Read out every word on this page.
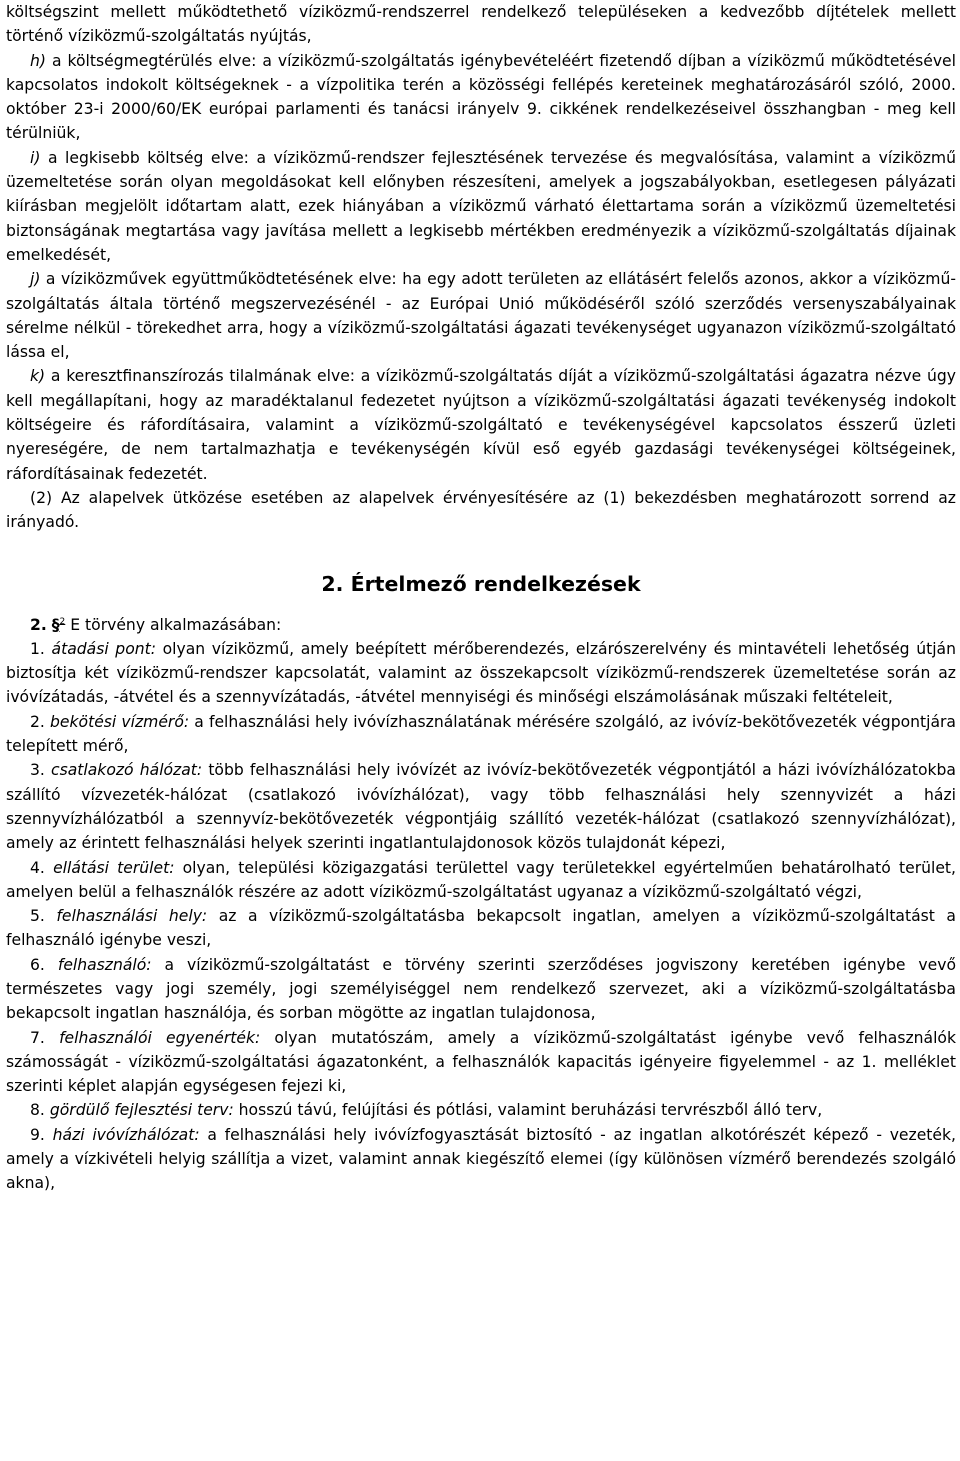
költségszint mellett működtethető víziközmű-rendszerrel rendelkező településeken a kedvezőbb díjtételek mellett történő víziközmű-szolgáltatás nyújtás,

h) a költségmegtérülés elve: a víziközmű-szolgáltatás igénybevételéért fizetendő díjban a víziközmű működtetésével kapcsolatos indokolt költségeknek - a vízpolitika terén a közösségi fellépés kereteinek meghatározásáról szóló, 2000. október 23-i 2000/60/EK európai parlamenti és tanácsi irányelv 9. cikkének rendelkezéseivel összhangban - meg kell térülniük,

i) a legkisebb költség elve: a víziközmű-rendszer fejlesztésének tervezése és megvalósítása, valamint a víziközmű üzemeltetése során olyan megoldásokat kell előnyben részesíteni, amelyek a jogszabályokban, esetlegesen pályázati kiírásban megjelölt időtartam alatt, ezek hiányában a víziközmű várható élettartama során a víziközmű üzemeltetési biztonságának megtartása vagy javítása mellett a legkisebb mértékben eredményezik a víziközmű-szolgáltatás díjainak emelkedését,

j) a víziközművek együttműködtetésének elve: ha egy adott területen az ellátásért felelős azonos, akkor a víziközmű-szolgáltatás általa történő megszervezésénél - az Európai Unió működéséről szóló szerződés versenyszabályainak sérelme nélkül - törekedhet arra, hogy a víziközmű-szolgáltatási ágazati tevékenységet ugyanazon víziközmű-szolgáltató lássa el,

k) a keresztfinanszírozás tilalmának elve: a víziközmű-szolgáltatás díját a víziközmű-szolgáltatási ágazatra nézve úgy kell megállapítani, hogy az maradéktalanul fedezetet nyújtson a víziközmű-szolgáltatási ágazati tevékenység indokolt költségeire és ráfordításaira, valamint a víziközmű-szolgáltató e tevékenységével kapcsolatos ésszerű üzleti nyereségére, de nem tartalmazhatja e tevékenységén kívül eső egyéb gazdasági tevékenységei költségeinek, ráfordításainak fedezetét.

(2) Az alapelvek ütközése esetében az alapelvek érvényesítésére az (1) bekezdésben meghatározott sorrend az irányadó.

2. Értelmező rendelkezések

2. §$^2$ E törvény alkalmazásában:

1. átadási pont: olyan víziközmű, amely beépített mérőberendezés, elzárószerelvény és mintavételi lehetőség útján biztosítja két víziközmű-rendszer kapcsolatát, valamint az összekapcsolt víziközmű-rendszerek üzemeltetése során az ivóvízátadás, -átvétel és a szennyvízátadás, -átvétel mennyiségi és minőségi elszámolásának műszaki feltételeit,

2. bekötési vízmérő: a felhasználási hely ivóvízhasználatának mérésére szolgáló, az ivóvíz-bekötővezeték végpontjára telepített mérő,

3. csatlakozó hálózat: több felhasználási hely ivóvízét az ivóvíz-bekötővezeték végpontjától a házi ivóvízhálózatokba szállító vízvezeték-hálózat (csatlakozó ivóvízhálózat), vagy több felhasználási hely szennyvizét a házi szennyvízhálózatból a szennyvíz-bekötővezeték végpontjáig szállító vezeték-hálózat (csatlakozó szennyvízhálózat), amely az érintett felhasználási helyek szerinti ingatlantulajdonosok közös tulajdonát képezi,

4. ellátási terület: olyan, települési közigazgatási területtel vagy területekkel egyértelműen behatárolható terület, amelyen belül a felhasználók részére az adott víziközmű-szolgáltatást ugyanaz a víziközmű-szolgáltató végzi,

5. felhasználási hely: az a víziközmű-szolgáltatásba bekapcsolt ingatlan, amelyen a víziközmű-szolgáltatást a felhasználó igénybe veszi,

6. felhasználó: a víziközmű-szolgáltatást e törvény szerinti szerződéses jogviszony keretében igénybe vevő természetes vagy jogi személy, jogi személyiséggel nem rendelkező szervezet, aki a víziközmű-szolgáltatásba bekapcsolt ingatlan használója, és sorban mögötte az ingatlan tulajdonosa,

7. felhasználói egyenérték: olyan mutatószám, amely a víziközmű-szolgáltatást igénybe vevő felhasználók számosságát - víziközmű-szolgáltatási ágazatonként, a felhasználók kapacitás igényeire figyelemmel - az 1. melléklet szerinti képlet alapján egységesen fejezi ki,

8. gördülő fejlesztési terv: hosszú távú, felújítási és pótlási, valamint beruházási tervrészből álló terv,

9. házi ivóvízhálózat: a felhasználási hely ivóvízfogyasztását biztosító - az ingatlan alkotórészét képező - vezeték, amely a vízkivételi helyig szállítja a vizet, valamint annak kiegészítő elemei (így különösen vízmérő berendezés szolgáló akna),
